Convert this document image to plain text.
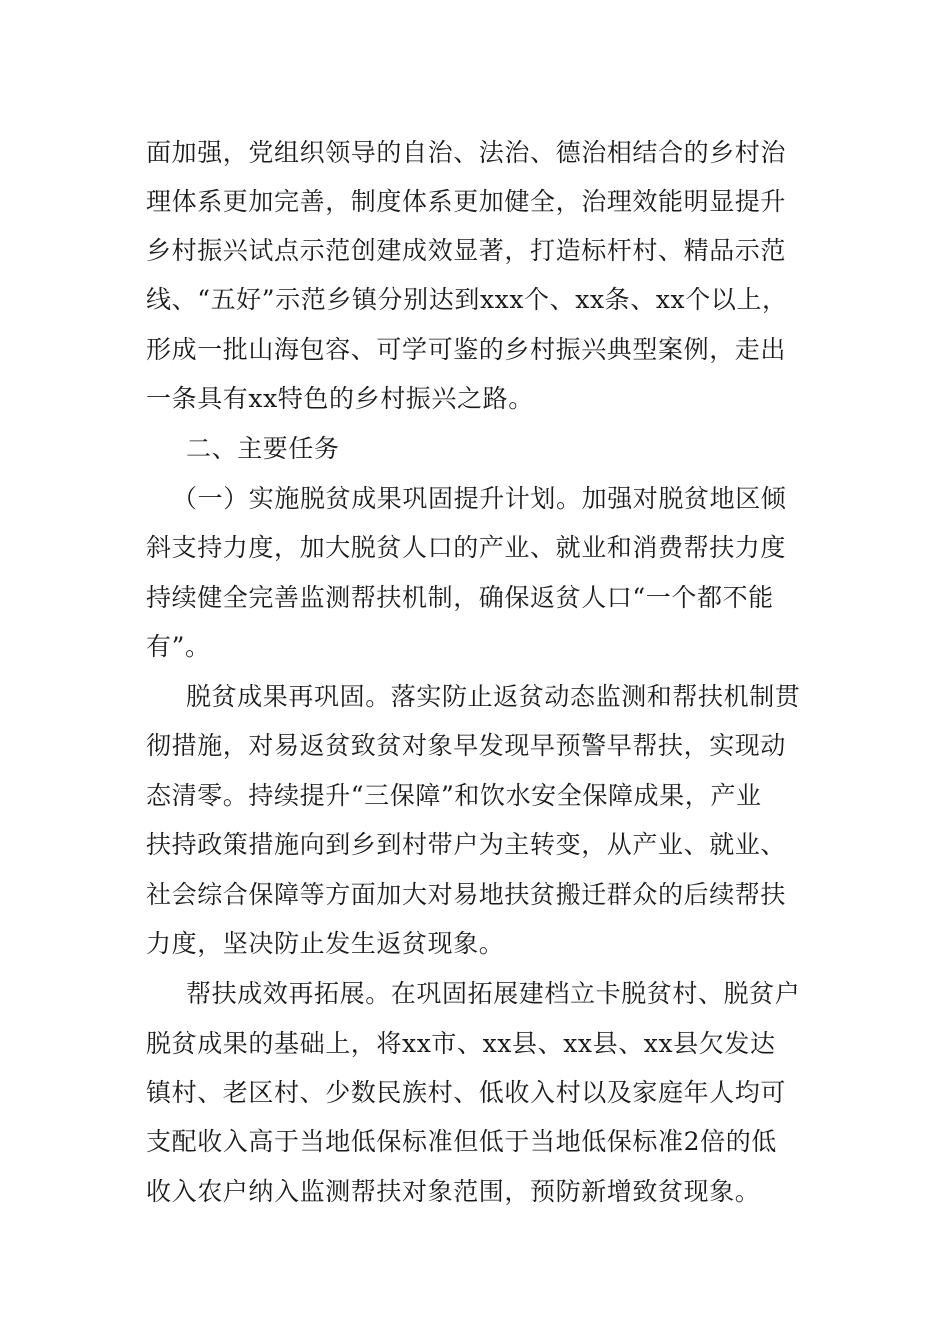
面加强，党组织领导的自治、法治、德治相结合的乡村治
理体系更加完善，制度体系更加健全，治理效能明显提升
乡村振兴试点示范创建成效显著，打造标杆村、精品示范
线、“五好”示范乡镇分别达到xxx个、xx条、xx个以上，
形成一批山海包容、可学可鉴的乡村振兴典型案例，走出
一条具有xx特色的乡村振兴之路。
二、主要任务
（一）实施脱贫成果巩固提升计划。加强对脱贫地区倾
斜支持力度，加大脱贫人口的产业、就业和消费帮扶力度
持续健全完善监测帮扶机制，确保返贫人口“一个都不能
有”。
脱贫成果再巩固。落实防止返贫动态监测和帮扶机制贯
彻措施，对易返贫致贫对象早发现早预警早帮扶，实现动
态清零。持续提升“三保障”和饮水安全保障成果，产业
扶持政策措施向到乡到村带户为主转变，从产业、就业、
社会综合保障等方面加大对易地扶贫搬迁群众的后续帮扶
力度，坚决防止发生返贫现象。
帮扶成效再拓展。在巩固拓展建档立卡脱贫村、脱贫户
脱贫成果的基础上，将xx市、xx县、xx县、xx县欠发达
镇村、老区村、少数民族村、低收入村以及家庭年人均可
支配收入高于当地低保标准但低于当地低保标准2倍的低
收入农户纳入监测帮扶对象范围，预防新增致贫现象。
